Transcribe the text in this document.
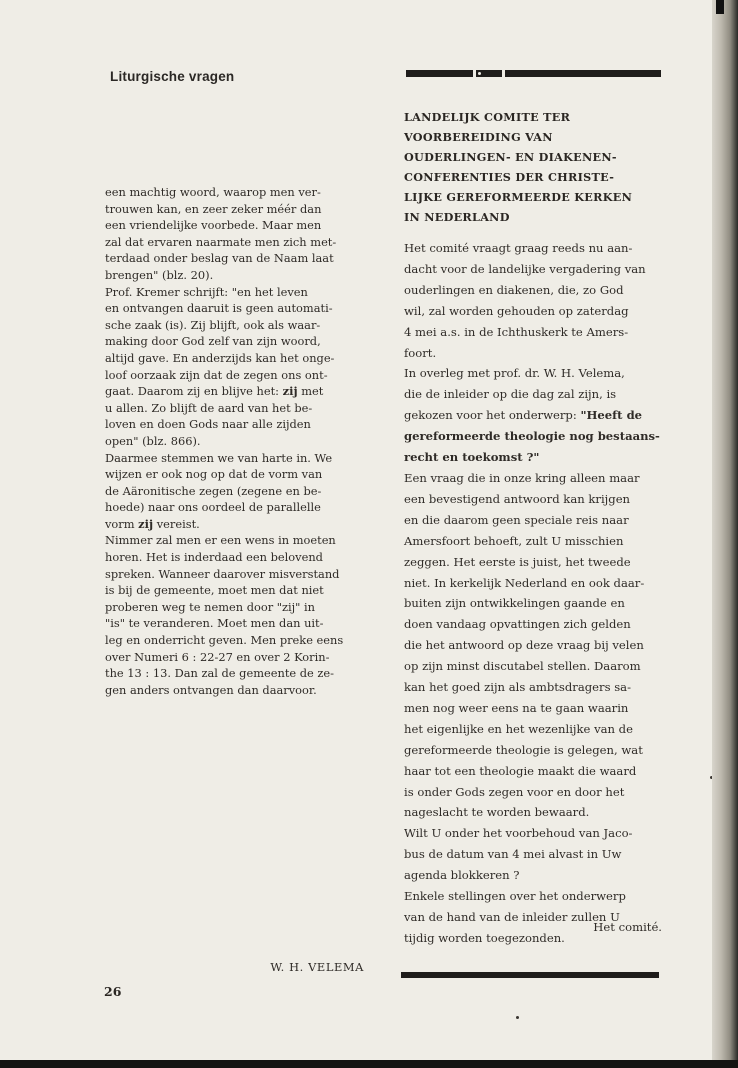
Liturgische vragen
een machtig woord, waarop men ver-
trouwen kan, en zeer zeker méér dan
een vriendelijke voorbede. Maar men
zal dat ervaren naarmate men zich met-
terdaad onder beslag van de Naam laat
brengen" (blz. 20).
Prof. Kremer schrijft: "en het leven
en ontvangen daaruit is geen automati-
sche zaak (is). Zij blijft, ook als waar-
making door God zelf van zijn woord,
altijd gave. En anderzijds kan het onge-
loof oorzaak zijn dat de zegen ons ont-
gaat. Daarom zij en blijve het: zij met
u allen. Zo blijft de aard van het be-
loven en doen Gods naar alle zijden
open" (blz. 866).
Daarmee stemmen we van harte in. We
wijzen er ook nog op dat de vorm van
de Aäronitische zegen (zegene en be-
hoede) naar ons oordeel de parallelle
vorm zij vereist.
Nimmer zal men er een wens in moeten
horen. Het is inderdaad een belovend
spreken. Wanneer daarover misverstand
is bij de gemeente, moet men dat niet
proberen weg te nemen door "zij" in
"is" te veranderen. Moet men dan uit-
leg en onderricht geven. Men preke eens
over Numeri 6 : 22-27 en over 2 Korin-
the 13 : 13. Dan zal de gemeente de ze-
gen anders ontvangen dan daarvoor.
LANDELIJK COMITE TER
VOORBEREIDING VAN
OUDERLINGEN- EN DIAKENEN-
CONFERENTIES DER CHRISTE-
LIJKE GEREFORMEERDE KERKEN
IN NEDERLAND
Het comité vraagt graag reeds nu aan-
dacht voor de landelijke vergadering van
ouderlingen en diakenen, die, zo God
wil, zal worden gehouden op zaterdag
4 mei a.s. in de Ichthuskerk te Amers-
foort.
In overleg met prof. dr. W. H. Velema,
die de inleider op die dag zal zijn, is
gekozen voor het onderwerp: "Heeft de
gereformeerde theologie nog bestaans-
recht en toekomst ?"
Een vraag die in onze kring alleen maar
een bevestigend antwoord kan krijgen
en die daarom geen speciale reis naar
Amersfoort behoeft, zult U misschien
zeggen. Het eerste is juist, het tweede
niet. In kerkelijk Nederland en ook daar-
buiten zijn ontwikkelingen gaande en
doen vandaag opvattingen zich gelden
die het antwoord op deze vraag bij velen
op zijn minst discutabel stellen. Daarom
kan het goed zijn als ambtsdragers sa-
men nog weer eens na te gaan waarin
het eigenlijke en het wezenlijke van de
gereformeerde theologie is gelegen, wat
haar tot een theologie maakt die waard
is onder Gods zegen voor en door het
nageslacht te worden bewaard.
Wilt U onder het voorbehoud van Jaco-
bus de datum van 4 mei alvast in Uw
agenda blokkeren ?
Enkele stellingen over het onderwerp
van de hand van de inleider zullen U
tijdig worden toegezonden.
Het comité.
W. H. VELEMA
26
